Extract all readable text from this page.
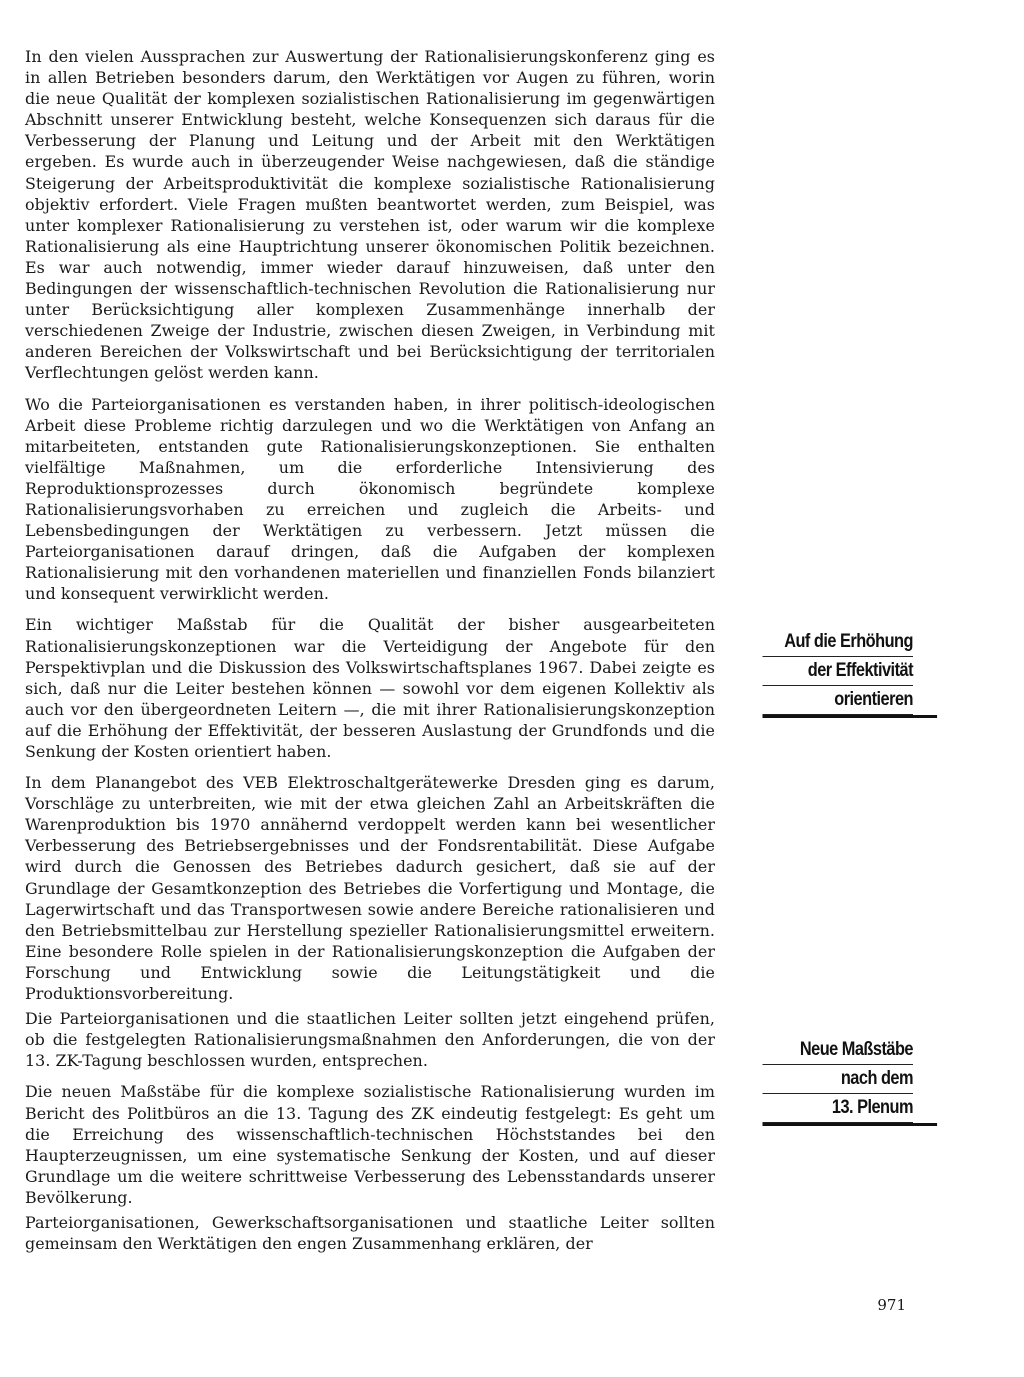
In den vielen Aussprachen zur Auswertung der Rationalisierungskonferenz ging es in allen Betrieben besonders darum, den Werktätigen vor Augen zu führen, worin die neue Qualität der komplexen sozialistischen Rationalisierung im gegenwärtigen Abschnitt unserer Entwicklung besteht, welche Konsequenzen sich daraus für die Verbesserung der Planung und Leitung und der Arbeit mit den Werktätigen ergeben. Es wurde auch in überzeugender Weise nachgewiesen, daß die ständige Steigerung der Arbeitsproduktivität die komplexe sozialistische Rationalisierung objektiv erfordert. Viele Fragen mußten beantwortet werden, zum Beispiel, was unter komplexer Rationalisierung zu verstehen ist, oder warum wir die komplexe Rationalisierung als eine Hauptrichtung unserer ökonomischen Politik bezeichnen. Es war auch notwendig, immer wieder darauf hinzuweisen, daß unter den Bedingungen der wissenschaftlich-technischen Revolution die Rationalisierung nur unter Berücksichtigung aller komplexen Zusammenhänge innerhalb der verschiedenen Zweige der Industrie, zwischen diesen Zweigen, in Verbindung mit anderen Bereichen der Volkswirtschaft und bei Berücksichtigung der territorialen Verflechtungen gelöst werden kann.

Wo die Parteiorganisationen es verstanden haben, in ihrer politisch-ideologischen Arbeit diese Probleme richtig darzulegen und wo die Werktätigen von Anfang an mitarbeiteten, entstanden gute Rationalisierungskonzeptionen. Sie enthalten vielfältige Maßnahmen, um die erforderliche Intensivierung des Reproduktionsprozesses durch ökonomisch begründete komplexe Rationalisierungsvorhaben zu erreichen und zugleich die Arbeits- und Lebensbedingungen der Werktätigen zu verbessern. Jetzt müssen die Parteiorganisationen darauf dringen, daß die Aufgaben der komplexen Rationalisierung mit den vorhandenen materiellen und finanziellen Fonds bilanziert und konsequent verwirklicht werden.

Ein wichtiger Maßstab für die Qualität der bisher ausgearbeiteten Rationalisierungskonzeptionen war die Verteidigung der Angebote für den Perspektivplan und die Diskussion des Volkswirtschaftsplanes 1967. Dabei zeigte es sich, daß nur die Leiter bestehen können — sowohl vor dem eigenen Kollektiv als auch vor den übergeordneten Leitern —, die mit ihrer Rationalisierungskonzeption auf die Erhöhung der Effektivität, der besseren Auslastung der Grundfonds und die Senkung der Kosten orientiert haben.

In dem Planangebot des VEB Elektroschaltgerätewerke Dresden ging es darum, Vorschläge zu unterbreiten, wie mit der etwa gleichen Zahl an Arbeitskräften die Warenproduktion bis 1970 annähernd verdoppelt werden kann bei wesentlicher Verbesserung des Betriebsergebnisses und der Fondsrentabilität. Diese Aufgabe wird durch die Genossen des Betriebes dadurch gesichert, daß sie auf der Grundlage der Gesamtkonzeption des Betriebes die Vorfertigung und Montage, die Lagerwirtschaft und das Transportwesen sowie andere Bereiche rationalisieren und den Betriebsmittelbau zur Herstellung spezieller Rationalisierungsmittel erweitern. Eine besondere Rolle spielen in der Rationalisierungskonzeption die Aufgaben der Forschung und Entwicklung sowie die Leitungstätigkeit und die Produktionsvorbereitung.

Die Parteiorganisationen und die staatlichen Leiter sollten jetzt eingehend prüfen, ob die festgelegten Rationalisierungsmaßnahmen den Anforderungen, die von der 13. ZK-Tagung beschlossen wurden, entsprechen.

Die neuen Maßstäbe für die komplexe sozialistische Rationalisierung wurden im Bericht des Politbüros an die 13. Tagung des ZK eindeutig festgelegt: Es geht um die Erreichung des wissenschaftlich-technischen Höchststandes bei den Haupterzeugnissen, um eine systematische Senkung der Kosten, und auf dieser Grundlage um die weitere schrittweise Verbesserung des Lebensstandards unserer Bevölkerung.

Parteiorganisationen, Gewerkschaftsorganisationen und staatliche Leiter sollten gemeinsam den Werktätigen den engen Zusammenhang erklären, der

Auf die Erhöhung
der Effektivität
orientieren
Neue Maßstäbe
nach dem
13. Plenum
971
